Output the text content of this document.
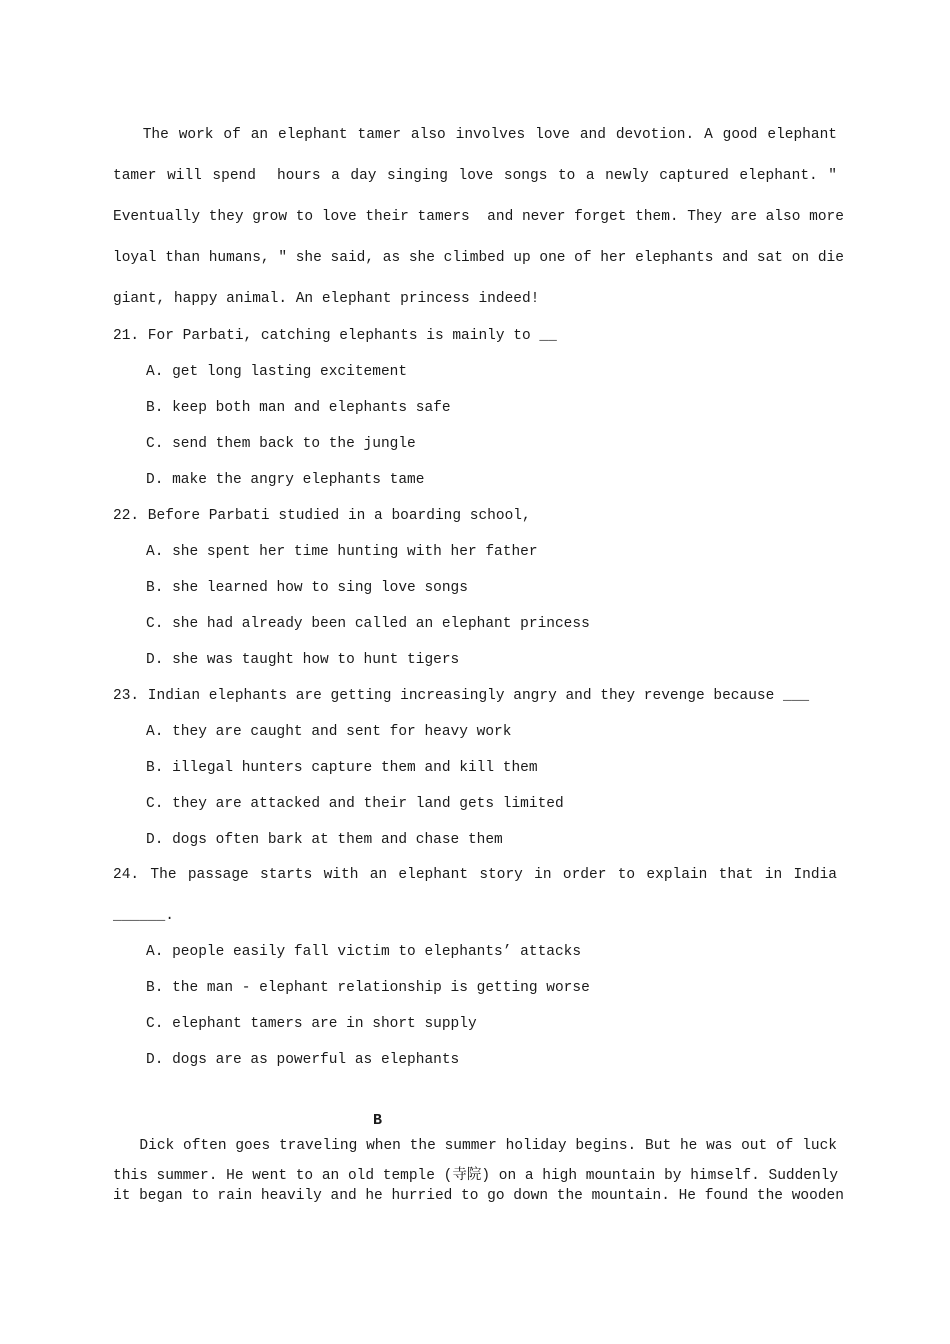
The work of an elephant tamer also involves love and devotion. A good elephant
tamer will spend  hours a day singing love songs to a newly captured elephant. ″
Eventually they grow to love their tamers  and never forget them. They are also more
loyal than humans, ″ she said, as she climbed up one of her elephants and sat on die
giant, happy animal. An elephant princess indeed!
21. For Parbati, catching elephants is mainly to __
A. get long lasting excitement
B. keep both man and elephants safe
C. send them back to the jungle
D. make the angry elephants tame
22. Before Parbati studied in a boarding school,
A. she spent her time hunting with her father
B. she learned how to sing love songs
C. she had already been called an elephant princess
D. she was taught how to hunt tigers
23. Indian elephants are getting increasingly angry and they revenge because ___
A. they are caught and sent for heavy work
B. illegal hunters capture them and kill them
C. they are attacked and their land gets limited
D. dogs often bark at them and chase them
24. The passage starts with an elephant story in order to explain that in India
______.
A. people easily fall victim to elephants’ attacks
B. the man - elephant relationship is getting worse
C. elephant tamers are in short supply
D. dogs are as powerful as elephants
B
Dick often goes traveling when the summer holiday begins. But he was out of luck
this summer. He went to an old temple (寺院) on a high mountain by himself. Suddenly
it began to rain heavily and he hurried to go down the mountain. He found the wooden
